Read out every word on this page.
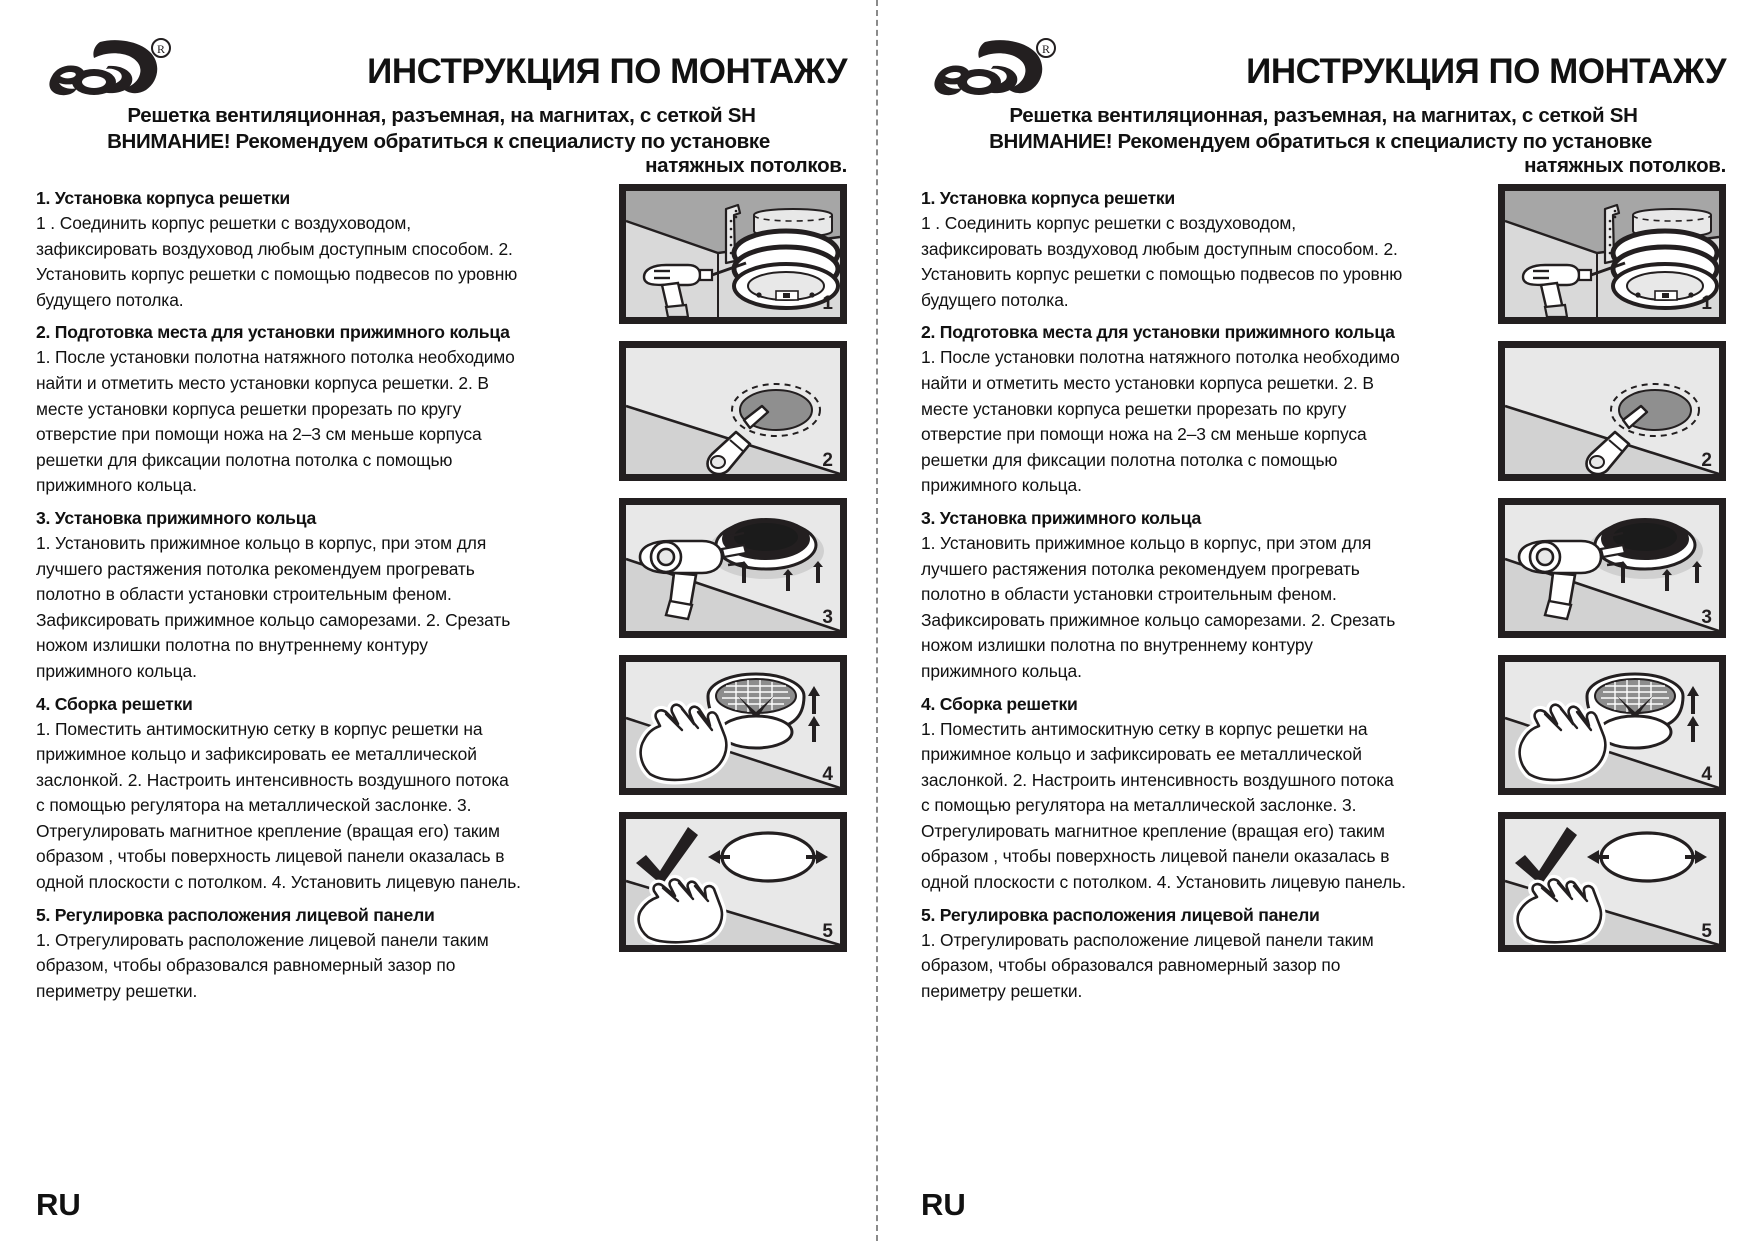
R
ИНСТРУКЦИЯ ПО МОНТАЖУ
Решетка вентиляционная, разъемная, на магнитах, с сеткой SH
ВНИМАНИЕ! Рекомендуем обратиться к специалисту по установке
натяжных потолков.
1. Установка корпуса решетки
1 . Соединить корпус решетки с воздуховодом, зафиксировать воздуховод любым доступным способом. 2. Установить корпус решетки с помощью подвесов по уровню будущего потолка.
2. Подготовка места для установки прижимного кольца
1. После установки полотна натяжного потолка необходимо найти и отметить место установки корпуса решетки. 2. В месте установки корпуса решетки прорезать по кругу отверстие при помощи ножа на 2–3 см меньше корпуса решетки для фиксации полотна потолка с помощью прижимного кольца.
3. Установка прижимного кольца
1. Установить прижимное кольцо в корпус, при этом для лучшего растяжения потолка рекомендуем прогревать полотно в области установки строительным феном. Зафиксировать прижимное кольцо саморезами. 2. Срезать ножом излишки полотна по внутреннему контуру прижимного кольца.
4. Сборка решетки
1. Поместить антимоскитную сетку в корпус решетки на прижимное кольцо и зафиксировать ее металлической заслонкой. 2. Настроить интенсивность воздушного потока с помощью регулятора на металлической заслонке. 3. Отрегулировать магнитное крепление (вращая его) таким образом , чтобы поверхность лицевой панели оказалась в одной плоскости с потолком. 4. Установить лицевую панель.
5. Регулировка расположения лицевой панели
1. Отрегулировать расположение лицевой панели таким образом, чтобы образовался равномерный зазор по периметру решетки.
1
2
3
4
5
RU
R
ИНСТРУКЦИЯ ПО МОНТАЖУ
Решетка вентиляционная, разъемная, на магнитах, с сеткой SH
ВНИМАНИЕ! Рекомендуем обратиться к специалисту по установке
натяжных потолков.
1. Установка корпуса решетки
1 . Соединить корпус решетки с воздуховодом, зафиксировать воздуховод любым доступным способом. 2. Установить корпус решетки с помощью подвесов по уровню будущего потолка.
2. Подготовка места для установки прижимного кольца
1. После установки полотна натяжного потолка необходимо найти и отметить место установки корпуса решетки. 2. В месте установки корпуса решетки прорезать по кругу отверстие при помощи ножа на 2–3 см меньше корпуса решетки для фиксации полотна потолка с помощью прижимного кольца.
3. Установка прижимного кольца
1. Установить прижимное кольцо в корпус, при этом для лучшего растяжения потолка рекомендуем прогревать полотно в области установки строительным феном. Зафиксировать прижимное кольцо саморезами. 2. Срезать ножом излишки полотна по внутреннему контуру прижимного кольца.
4. Сборка решетки
1. Поместить антимоскитную сетку в корпус решетки на прижимное кольцо и зафиксировать ее металлической заслонкой. 2. Настроить интенсивность воздушного потока с помощью регулятора на металлической заслонке. 3. Отрегулировать магнитное крепление (вращая его) таким образом , чтобы поверхность лицевой панели оказалась в одной плоскости с потолком. 4. Установить лицевую панель.
5. Регулировка расположения лицевой панели
1. Отрегулировать расположение лицевой панели таким образом, чтобы образовался равномерный зазор по периметру решетки.
1
2
3
4
5
RU
